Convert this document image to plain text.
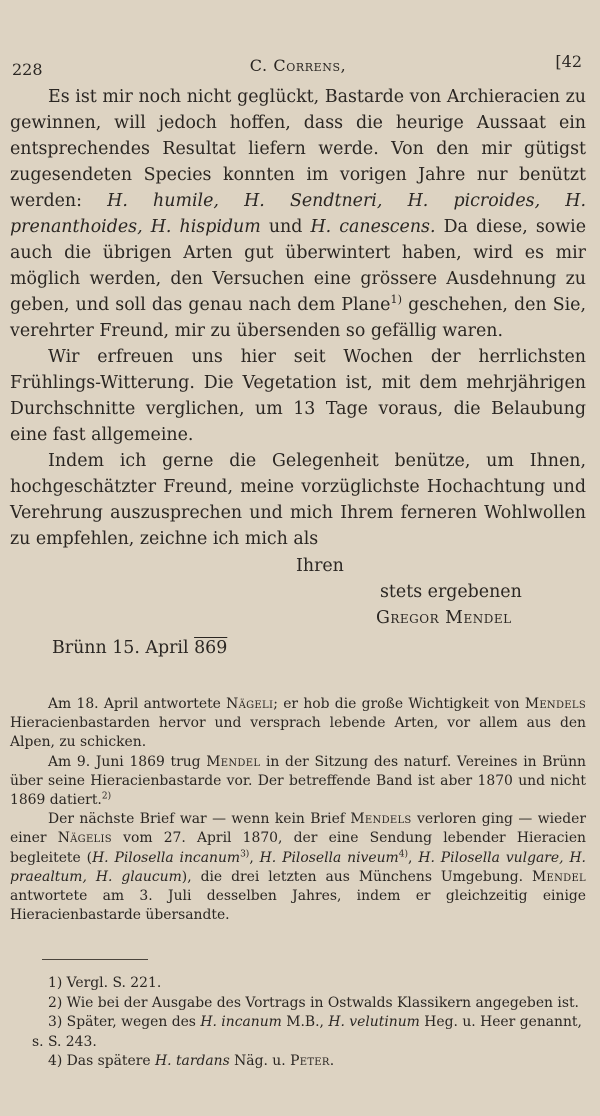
228	C. Correns,	[42

Es ist mir noch nicht geglückt, Bastarde von Archieracien zu gewinnen, will jedoch hoffen, dass die heurige Aussaat ein entsprechendes Resultat liefern werde. Von den mir gütigst zugesendeten Species konnten im vorigen Jahre nur benützt werden: H. humile, H. Sendtneri, H. picroides, H. prenanthoides, H. hispidum und H. canescens. Da diese, sowie auch die übrigen Arten gut überwintert haben, wird es mir möglich werden, den Versuchen eine grössere Ausdehnung zu geben, und soll das genau nach dem Plane$^{1)}$ geschehen, den Sie, verehrter Freund, mir zu übersenden so gefällig waren.

Wir erfreuen uns hier seit Wochen der herrlichsten Frühlings-Witterung. Die Vegetation ist, mit dem mehrjährigen Durchschnitte verglichen, um 13 Tage voraus, die Belaubung eine fast allgemeine.

Indem ich gerne die Gelegenheit benütze, um Ihnen, hochgeschätzter Freund, meine vorzüglichste Hochachtung und Verehrung auszusprechen und mich Ihrem ferneren Wohlwollen zu empfehlen, zeichne ich mich als

Ihren
stets ergebenen
Gregor Mendel
Brünn 15. April 869

Am 18. April antwortete Nägeli; er hob die große Wichtigkeit von Mendels Hieracienbastarden hervor und versprach lebende Arten, vor allem aus den Alpen, zu schicken.

Am 9. Juni 1869 trug Mendel in der Sitzung des naturf. Vereines in Brünn über seine Hieracienbastarde vor. Der betreffende Band ist aber 1870 und nicht 1869 datiert.$^{2)}$

Der nächste Brief war — wenn kein Brief Mendels verloren ging — wieder einer Nägelis vom 27. April 1870, der eine Sendung lebender Hieracien begleitete (H. Pilosella incanum$^{3)}$, H. Pilosella niveum$^{4)}$, H. Pilosella vulgare, H. praealtum, H. glaucum), die drei letzten aus Münchens Umgebung. Mendel antwortete am 3. Juli desselben Jahres, indem er gleichzeitig einige Hieracienbastarde übersandte.

1) Vergl. S. 221.

2) Wie bei der Ausgabe des Vortrags in Ostwalds Klassikern angegeben ist.

3) Später, wegen des H. incanum M.B., H. velutinum Heg. u. Heer genannt, s. S. 243.

4) Das spätere H. tardans Näg. u. Peter.
